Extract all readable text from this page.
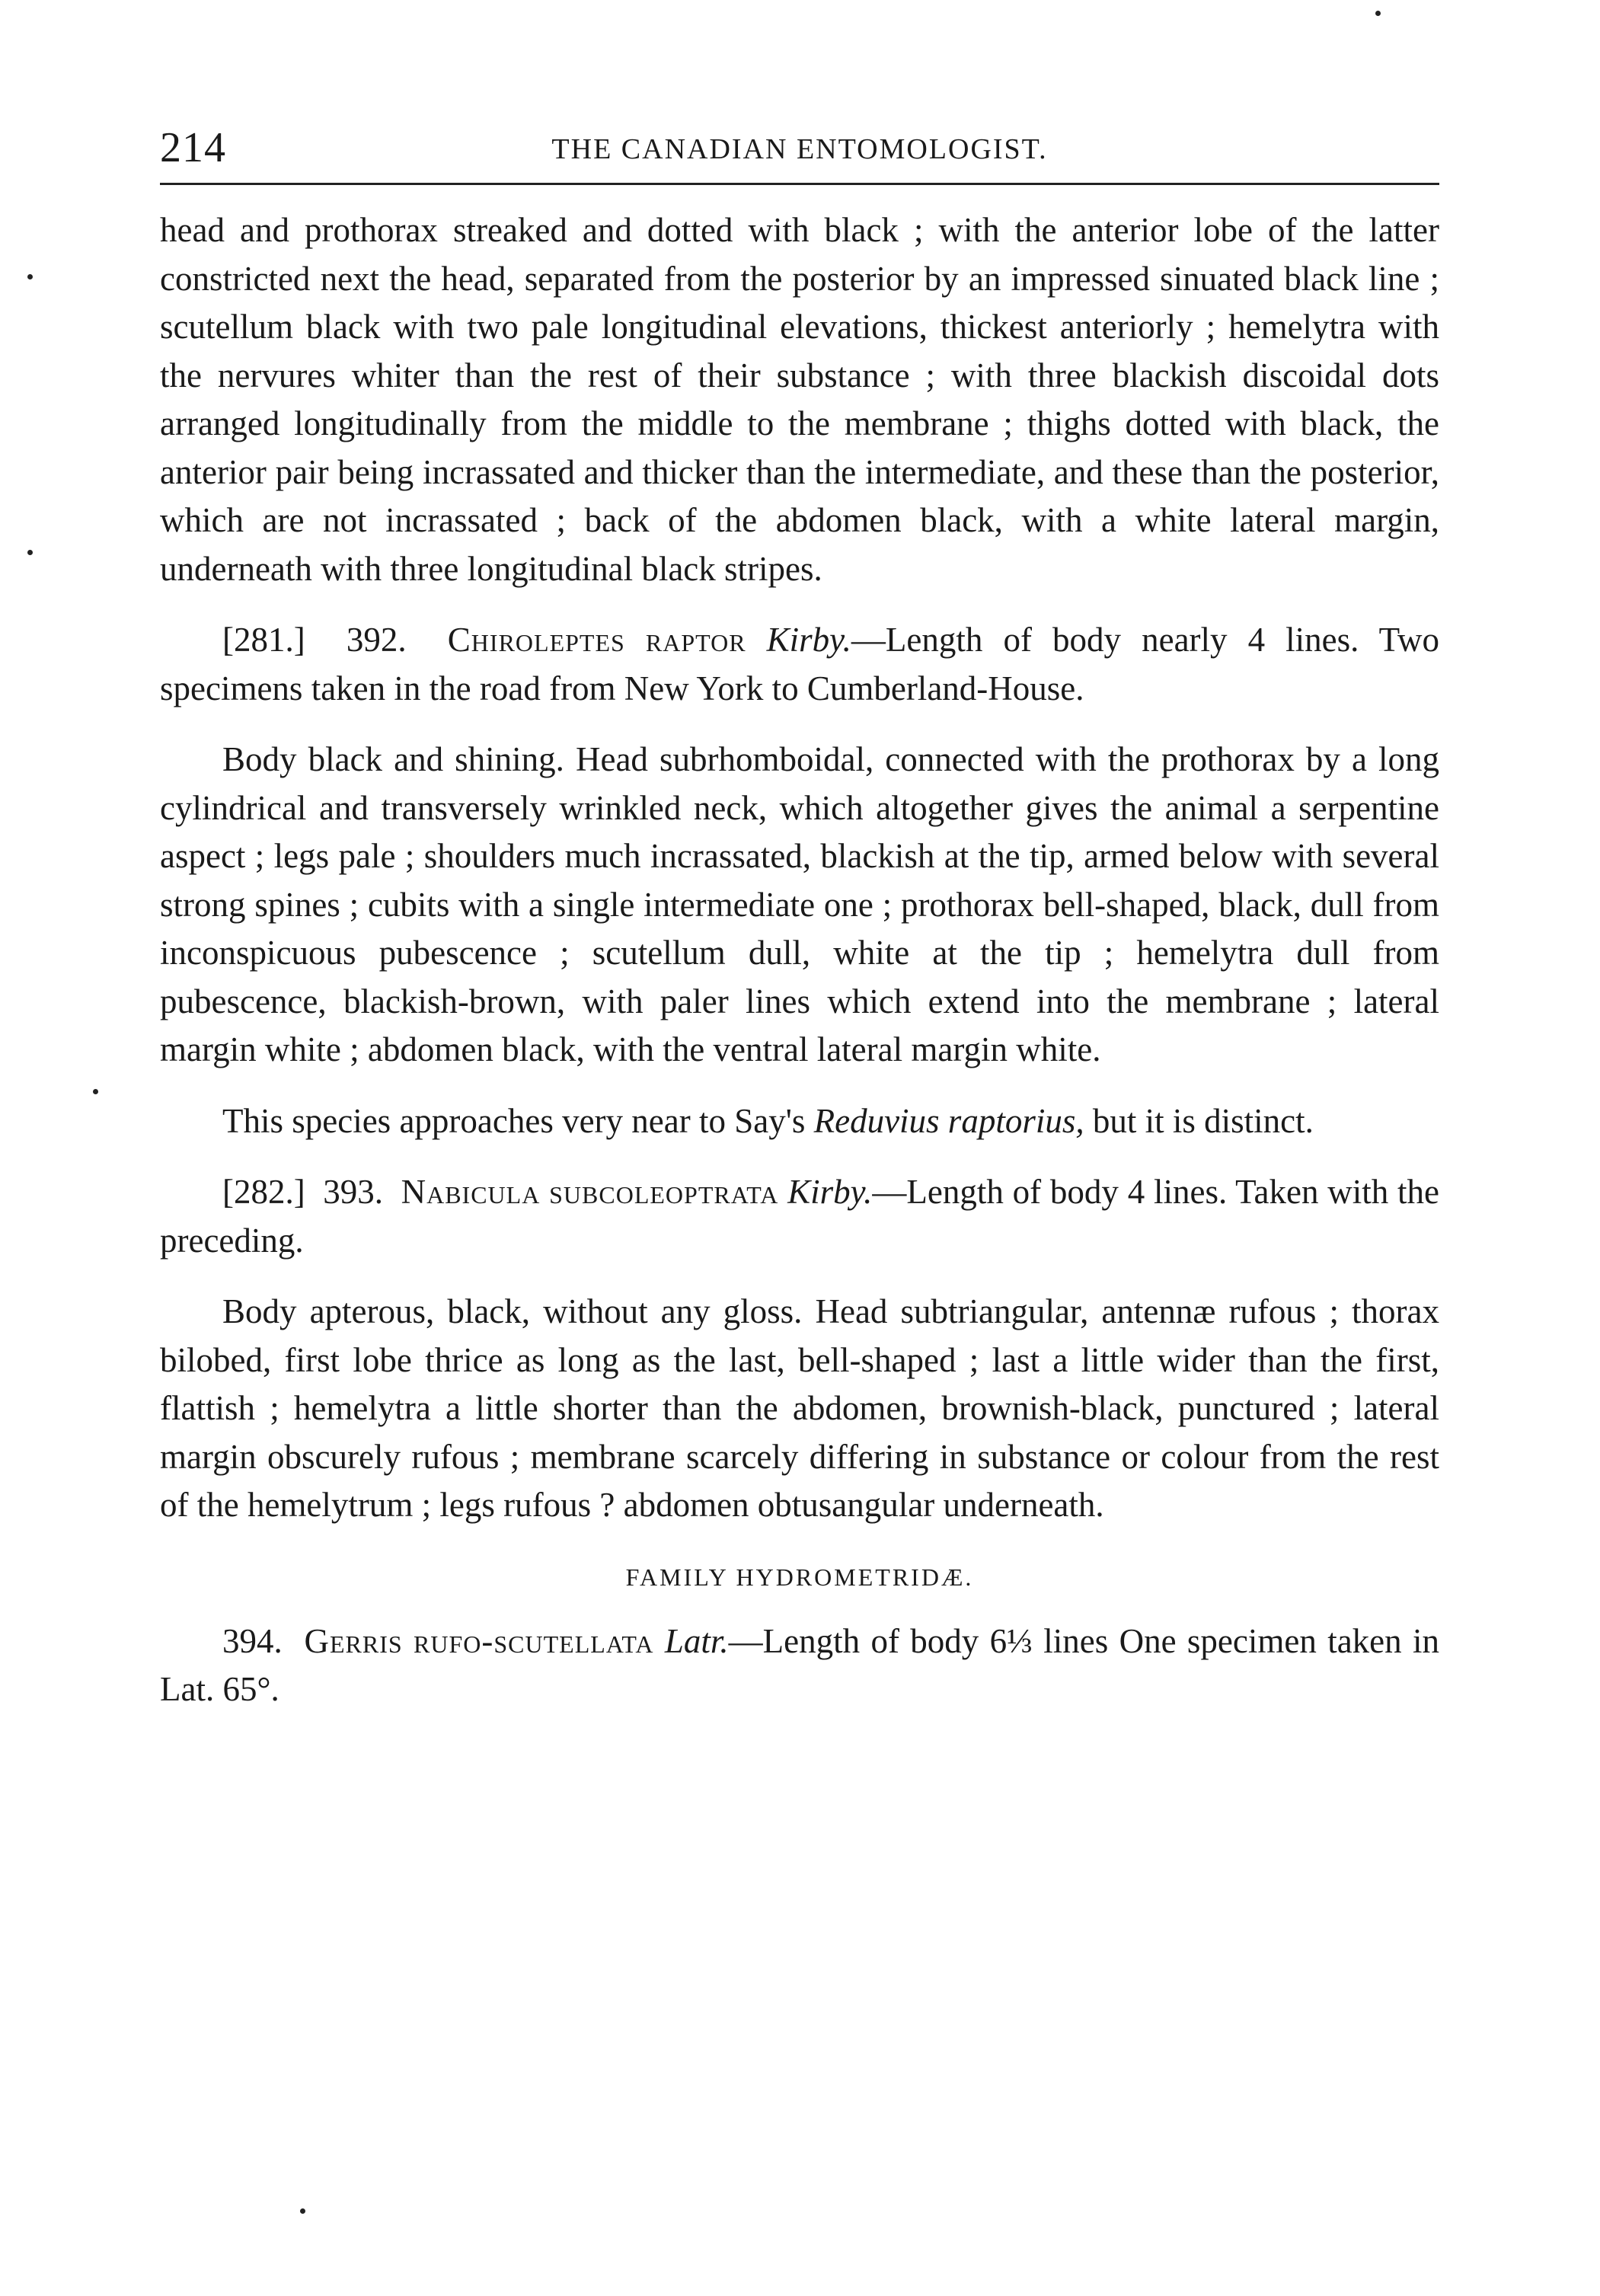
214	THE CANADIAN ENTOMOLOGIST.

head and prothorax streaked and dotted with black ; with the anterior lobe of the latter constricted next the head, separated from the posterior by an impressed sinuated black line ; scutellum black with two pale longitudinal elevations, thickest anteriorly ; hemelytra with the nervures whiter than the rest of their substance ; with three blackish discoidal dots arranged longitudinally from the middle to the membrane ; thighs dotted with black, the anterior pair being incrassated and thicker than the intermediate, and these than the posterior, which are not incrassated ; back of the abdomen black, with a white lateral margin, underneath with three longitudinal black stripes.

[281.] 392. Chiroleptes raptor Kirby.—Length of body nearly 4 lines. Two specimens taken in the road from New York to Cumberland-House.

Body black and shining. Head subrhomboidal, connected with the prothorax by a long cylindrical and transversely wrinkled neck, which altogether gives the animal a serpentine aspect ; legs pale ; shoulders much incrassated, blackish at the tip, armed below with several strong spines ; cubits with a single intermediate one ; prothorax bell-shaped, black, dull from inconspicuous pubescence ; scutellum dull, white at the tip ; hemelytra dull from pubescence, blackish-brown, with paler lines which extend into the membrane ; lateral margin white ; abdomen black, with the ventral lateral margin white.

This species approaches very near to Say's Reduvius raptorius, but it is distinct.

[282.] 393. Nabicula subcoleoptrata Kirby.—Length of body 4 lines. Taken with the preceding.

Body apterous, black, without any gloss. Head subtriangular, antennæ rufous ; thorax bilobed, first lobe thrice as long as the last, bell-shaped ; last a little wider than the first, flattish ; hemelytra a little shorter than the abdomen, brownish-black, punctured ; lateral margin obscurely rufous ; membrane scarcely differing in substance or colour from the rest of the hemelytrum ; legs rufous ? abdomen obtusangular underneath.

FAMILY HYDROMETRIDÆ.

394. Gerris rufo-scutellata Latr.—Length of body 6⅓ lines One specimen taken in Lat. 65°.
